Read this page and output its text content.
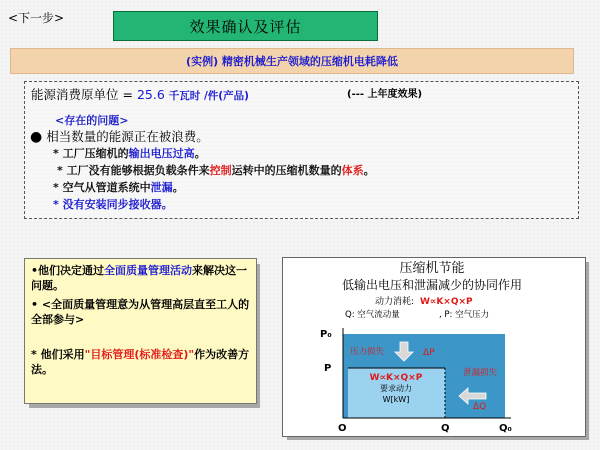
<下一步>	效果确认及评估
(实例) 精密机械生产领域的压缩机电耗降低
能源消费原单位 = 25.6 千瓦时 /件(产品)	(--- 上年度效果)
<存在的问题>
● 相当数量的能源正在被浪费。
* 工厂压缩机的输出电压过高。
* 工厂没有能够根据负载条件来控制运转中的压缩机数量的体系。
* 空气从管道系统中泄漏。
* 没有安装同步接收器。
•他们决定通过全面质量管理活动来解决这一问题。
• <全面质量管理意为从管理高层直至工人的全部参与>
* 他们采用"目标管理(标准检查)"作为改善方法。
压缩机节能
低输出电压和泄漏减少的协同作用
动力消耗: W∝K×Q×P
Q: 空气流动量	, P: 空气压力
P₀
P
O	Q	Q₀
压力损失	ΔP
泄漏损失
ΔQ
W∝K×Q×P
要求动力
W[kW]
